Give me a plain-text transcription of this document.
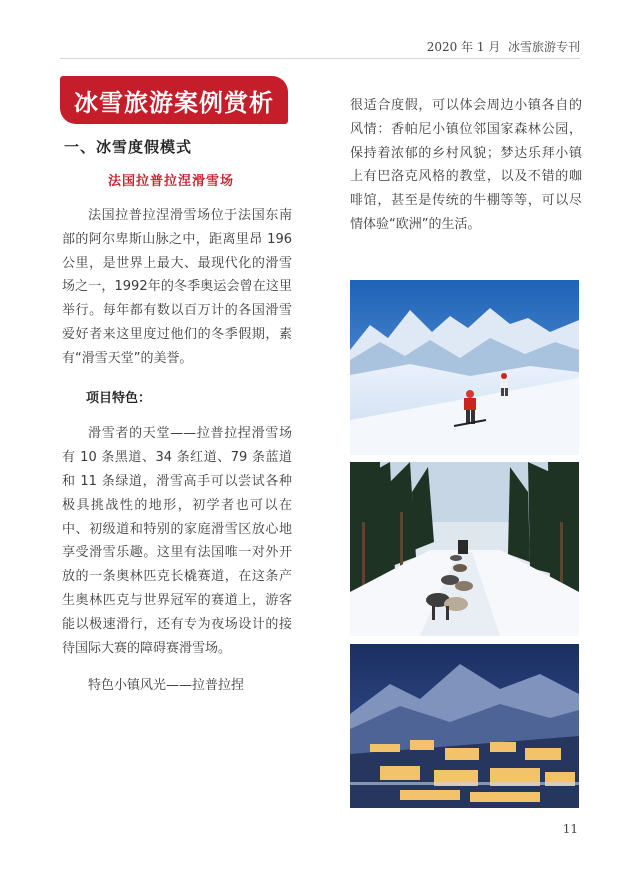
2020 年 1 月 冰雪旅游专刊
冰雪旅游案例赏析
一、冰雪度假模式
法国拉普拉涅滑雪场

法国拉普拉涅滑雪场位于法国东南部的阿尔卑斯山脉之中，距离里昂 196 公里，是世界上最大、最现代化的滑雪场之一，1992年的冬季奥运会曾在这里举行。每年都有数以百万计的各国滑雪爱好者来这里度过他们的冬季假期，素有“滑雪天堂”的美誉。

项目特色：

滑雪者的天堂——拉普拉捏滑雪场有 10 条黑道、34 条红道、79 条蓝道和 11 条绿道，滑雪高手可以尝试各种极具挑战性的地形，初学者也可以在中、初级道和特别的家庭滑雪区放心地享受滑雪乐趣。这里有法国唯一对外开放的一条奥林匹克长橇赛道，在这条产生奥林匹克与世界冠军的赛道上，游客能以极速滑行，还有专为夜场设计的接待国际大赛的障碍赛滑雪场。

特色小镇风光——拉普拉捏

很适合度假，可以体会周边小镇各自的风情：香帕尼小镇位邻国家森林公园，保持着浓郁的乡村风貌；梦达乐拜小镇上有巴洛克风格的教堂，以及不错的咖啡馆，甚至是传统的牛棚等等，可以尽情体验“欧洲”的生活。
11
